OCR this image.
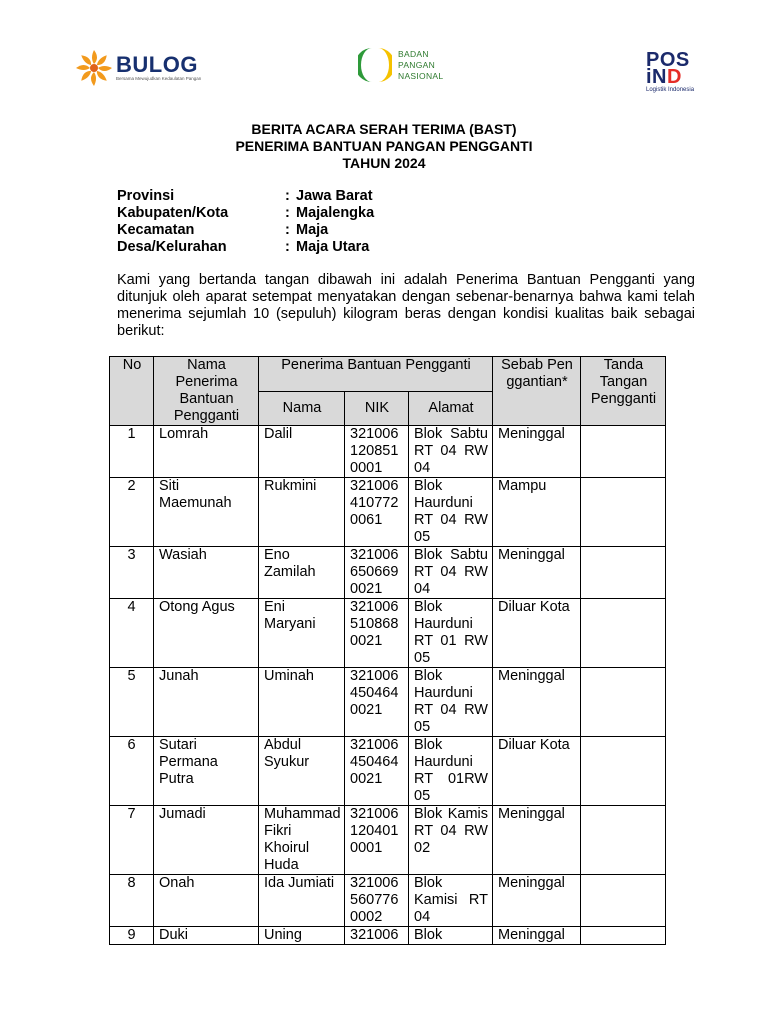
BULOG
Bersama Mewujudkan Kedaulatan Pangan
BADAN
PANGAN
NASIONAL
POS
iND
Logistik Indonesia
BERITA ACARA SERAH TERIMA (BAST)
PENERIMA BANTUAN PANGAN PENGGANTI
TAHUN 2024
Provinsi	: Jawa Barat
Kabupaten/Kota	: Majalengka
Kecamatan	: Maja
Desa/Kelurahan	: Maja Utara
Kami yang bertanda tangan dibawah ini adalah Penerima Bantuan Pengganti yang ditunjuk oleh aparat setempat menyatakan dengan sebenar-benarnya bahwa kami telah menerima sejumlah 10 (sepuluh) kilogram beras dengan kondisi kualitas baik sebagai berikut:
No	Nama Penerima Bantuan Pengganti	Penerima Bantuan Pengganti			Sebab Penggantian*	Tanda Tangan Pengganti
		Nama	NIK	Alamat		
1	Lomrah	Dalil	3210061208510001	Blok Sabtu RT 04 RW 04	Meninggal	
2	Siti Maemunah	Rukmini	3210064107720061	Blok Haurduni RT 04 RW 05	Mampu	
3	Wasiah	Eno Zamilah	3210066506690021	Blok Sabtu RT 04 RW 04	Meninggal	
4	Otong Agus	Eni Maryani	3210065108680021	Blok Haurduni RT 01 RW 05	Diluar Kota	
5	Junah	Uminah	3210064504640021	Blok Haurduni RT 04 RW 05	Meninggal	
6	Sutari Permana Putra	Abdul Syukur	3210064504640021	Blok Haurduni RT 01RW 05	Diluar Kota	
7	Jumadi	Muhammad Fikri Khoirul Huda	3210061204010001	Blok Kamis RT 04 RW 02	Meninggal	
8	Onah	Ida Jumiati	3210065607760002	Blok Kamisi RT 04	Meninggal	
9	Duki	Uning	321006	Blok	Meninggal	
